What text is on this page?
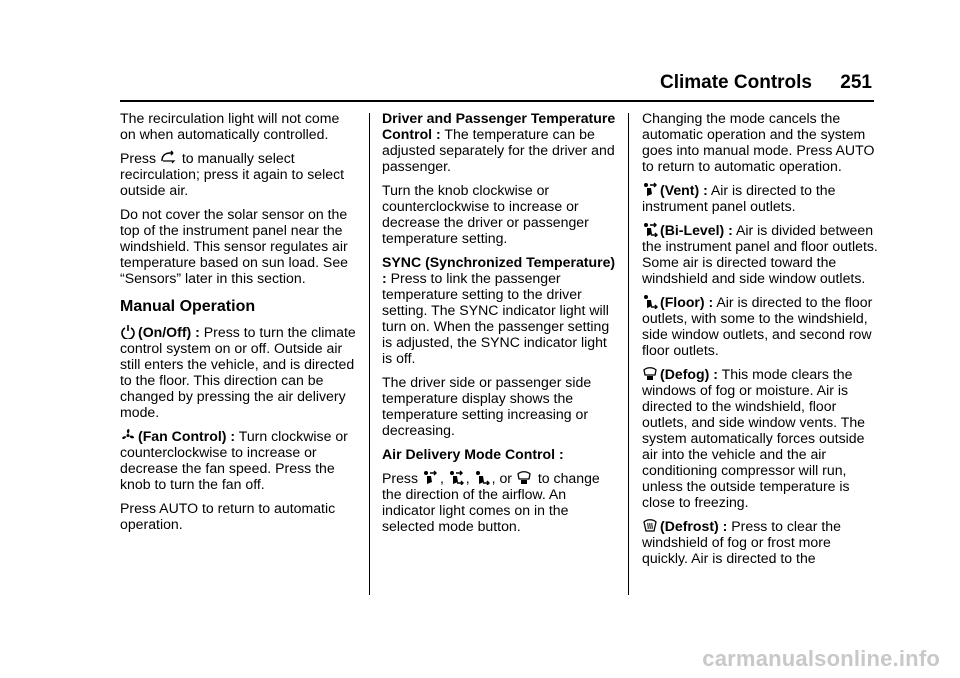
Climate Controls 251

The recirculation light will not come on when automatically controlled.

Press
to manually select recirculation; press it again to select outside air.

Do not cover the solar sensor on the top of the instrument panel near the windshield. This sensor regulates air temperature based on sun load. See “Sensors” later in this section.

Manual Operation

(On/Off) : Press to turn the climate control system on or off. Outside air still enters the vehicle, and is directed to the floor. This direction can be changed by pressing the air delivery mode.

(Fan Control) : Turn clockwise or counterclockwise to increase or decrease the fan speed. Press the knob to turn the fan off.

Press AUTO to return to automatic operation.

Driver and Passenger Temperature Control : The temperature can be adjusted separately for the driver and passenger.

Turn the knob clockwise or counterclockwise to increase or decrease the driver or passenger temperature setting.

SYNC (Synchronized Temperature) : Press to link the passenger temperature setting to the driver setting. The SYNC indicator light will turn on. When the passenger setting is adjusted, the SYNC indicator light is off.

The driver side or passenger side temperature display shows the temperature setting increasing or decreasing.

Air Delivery Mode Control :

Press , , , or
to change the direction of the airflow. An indicator light comes on in the selected mode button.

Changing the mode cancels the automatic operation and the system goes into manual mode. Press AUTO to return to automatic operation.

(Vent) : Air is directed to the instrument panel outlets.

(Bi-Level) : Air is divided between the instrument panel and floor outlets. Some air is directed toward the windshield and side window outlets.

(Floor) : Air is directed to the floor outlets, with some to the windshield, side window outlets, and second row floor outlets.

(Defog) : This mode clears the windows of fog or moisture. Air is directed to the windshield, floor outlets, and side window vents. The system automatically forces outside air into the vehicle and the air conditioning compressor will run, unless the outside temperature is close to freezing.

(Defrost) : Press to clear the windshield of fog or frost more quickly. Air is directed to the

carmanualsonline.info
